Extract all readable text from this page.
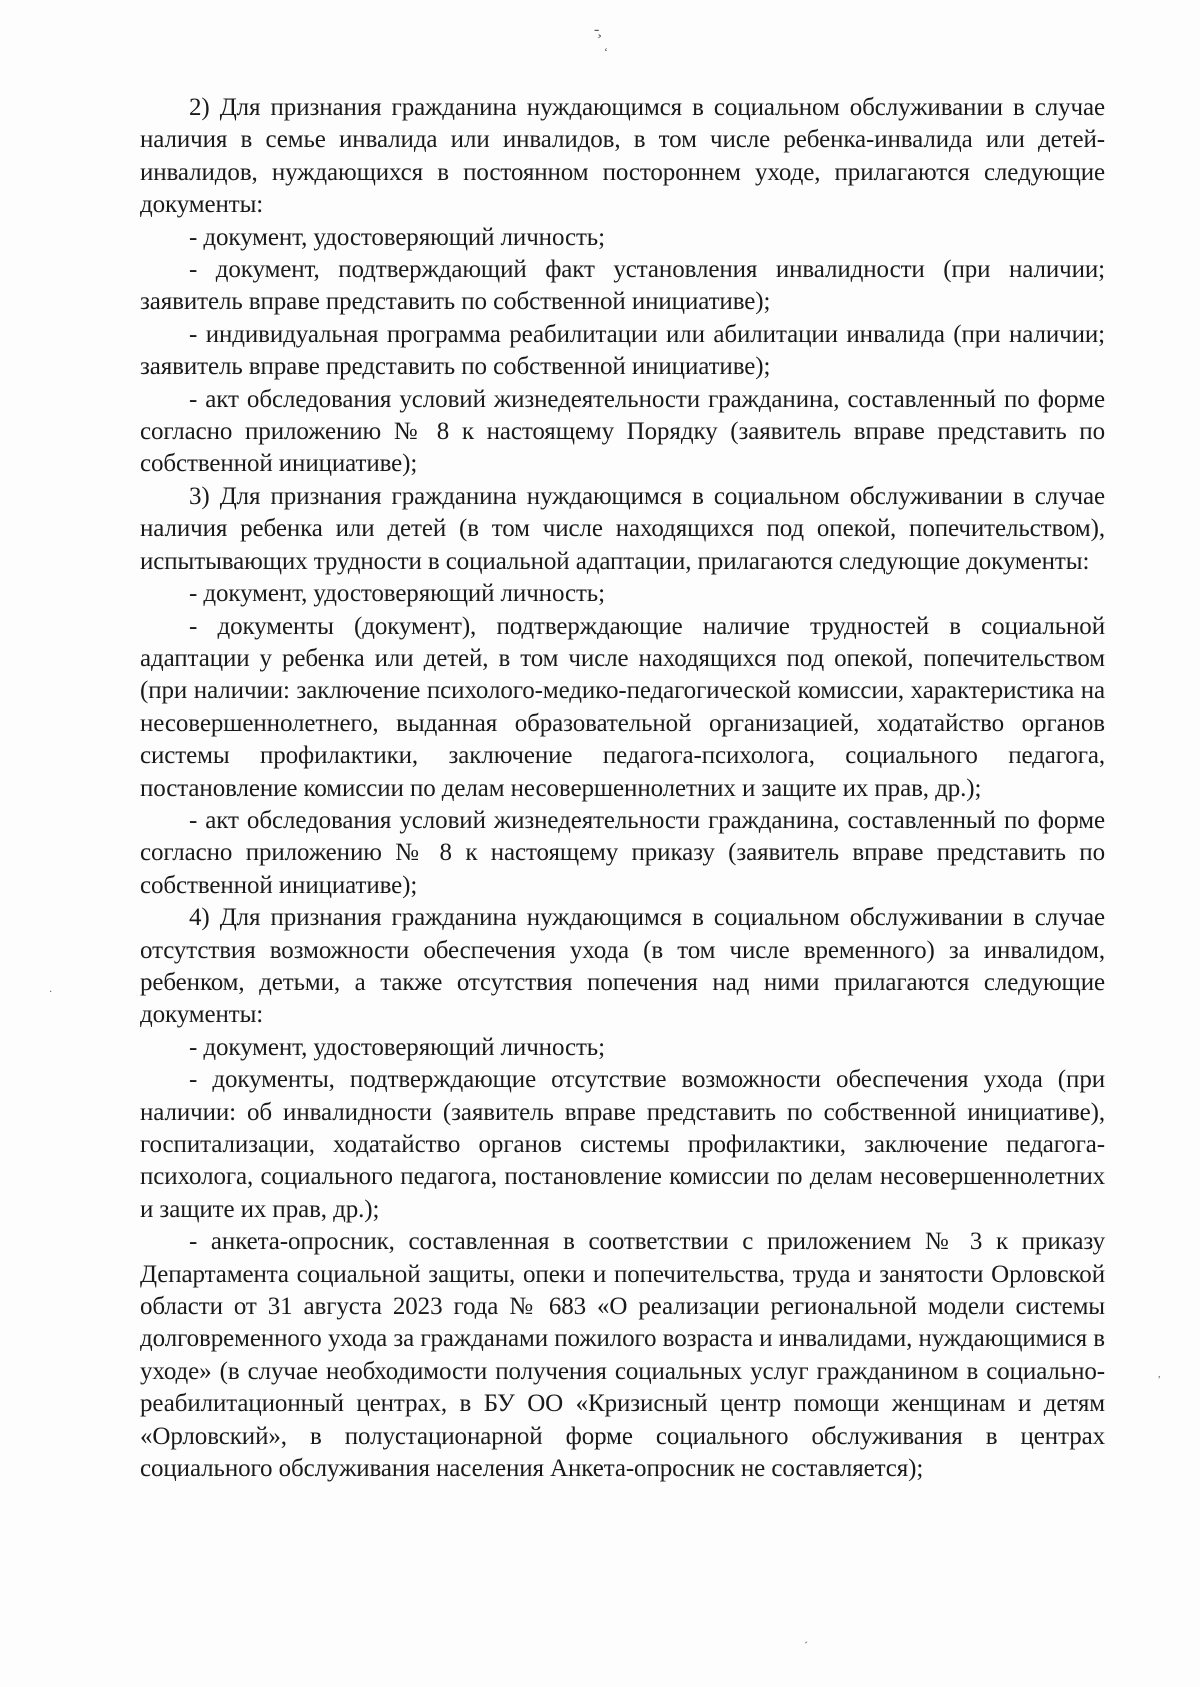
-̧
ʻ

2) Для признания гражданина нуждающимся в социальном обслуживании в случае наличия в семье инвалида или инвалидов, в том числе ребенка-инвалида или детей-инвалидов, нуждающихся в постоянном постороннем уходе, прилагаются следующие документы:

- документ, удостоверяющий личность;

- документ, подтверждающий факт установления инвалидности (при наличии; заявитель вправе представить по собственной инициативе);

- индивидуальная программа реабилитации или абилитации инвалида (при наличии; заявитель вправе представить по собственной инициативе);

- акт обследования условий жизнедеятельности гражданина, составленный по форме согласно приложению № 8 к настоящему Порядку (заявитель вправе представить по собственной инициативе);

3) Для признания гражданина нуждающимся в социальном обслуживании в случае наличия ребенка или детей (в том числе находящихся под опекой, попечительством), испытывающих трудности в социальной адаптации, прилагаются следующие документы:

- документ, удостоверяющий личность;

- документы (документ), подтверждающие наличие трудностей в социальной адаптации у ребенка или детей, в том числе находящихся под опекой, попечительством (при наличии: заключение психолого-медико-педагогической комиссии, характеристика на несовершеннолетнего, выданная образовательной организацией, ходатайство органов системы профилактики, заключение педагога-психолога, социального педагога, постановление комиссии по делам несовершеннолетних и защите их прав, др.);

- акт обследования условий жизнедеятельности гражданина, составленный по форме согласно приложению № 8 к настоящему приказу (заявитель вправе представить по собственной инициативе);

4) Для признания гражданина нуждающимся в социальном обслуживании в случае отсутствия возможности обеспечения ухода (в том числе временного) за инвалидом, ребенком, детьми, а также отсутствия попечения над ними прилагаются следующие документы:

- документ, удостоверяющий личность;

- документы, подтверждающие отсутствие возможности обеспечения ухода (при наличии: об инвалидности (заявитель вправе представить по собственной инициативе), госпитализации, ходатайство органов системы профилактики, заключение педагога-психолога, социального педагога, постановление комиссии по делам несовершеннолетних и защите их прав, др.);

- анкета-опросник, составленная в соответствии с приложением № 3 к приказу Департамента социальной защиты, опеки и попечительства, труда и занятости Орловской области от 31 августа 2023 года № 683 «О реализации региональной модели системы долговременного ухода за гражданами пожилого возраста и инвалидами, нуждающимися в уходе» (в случае необходимости получения социальных услуг гражданином в социально-реабилитационный центрах, в БУ ОО «Кризисный центр помощи женщинам и детям «Орловский», в полустационарной форме социального обслуживания в центрах социального обслуживания населения Анкета-опросник не составляется);

·
,
ˊ
